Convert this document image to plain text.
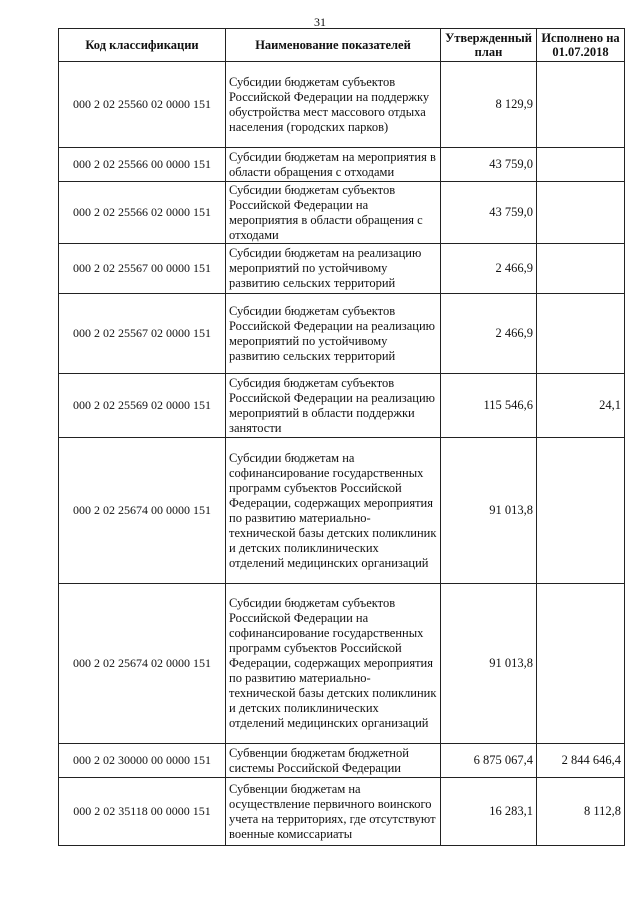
31
Код классификации	Наименование показателей	Утвержденный план	Исполнено на 01.07.2018
000 2 02 25560 02 0000 151	Субсидии бюджетам субъектов Российской Федерации на поддержку обустройства мест массового отдыха населения (городских парков)	8 129,9	
000 2 02 25566 00 0000 151	Субсидии бюджетам на мероприятия в области обращения с отходами	43 759,0	
000 2 02 25566 02 0000 151	Субсидии бюджетам субъектов Российской Федерации на мероприятия в области обращения с отходами	43 759,0	
000 2 02 25567 00 0000 151	Субсидии бюджетам на реализацию мероприятий по устойчивому развитию сельских территорий	2 466,9	
000 2 02 25567 02 0000 151	Субсидии бюджетам субъектов Российской Федерации на реализацию мероприятий по устойчивому развитию сельских территорий	2 466,9	
000 2 02 25569 02 0000 151	Субсидия бюджетам субъектов Российской Федерации на реализацию мероприятий в области поддержки занятости	115 546,6	24,1
000 2 02 25674 00 0000 151	Субсидии бюджетам на софинансирование государственных программ субъектов Российской Федерации, содержащих мероприятия по развитию материально-технической базы детских поликлиник и детских поликлинических отделений медицинских организаций	91 013,8	
000 2 02 25674 02 0000 151	Субсидии бюджетам субъектов Российской Федерации на софинансирование государственных программ субъектов Российской Федерации, содержащих мероприятия по развитию материально-технической базы детских поликлиник и детских поликлинических отделений медицинских организаций	91 013,8	
000 2 02 30000 00 0000 151	Субвенции бюджетам бюджетной системы Российской Федерации	6 875 067,4	2 844 646,4
000 2 02 35118 00 0000 151	Субвенции бюджетам на осуществление первичного воинского учета на территориях, где отсутствуют военные комиссариаты	16 283,1	8 112,8
